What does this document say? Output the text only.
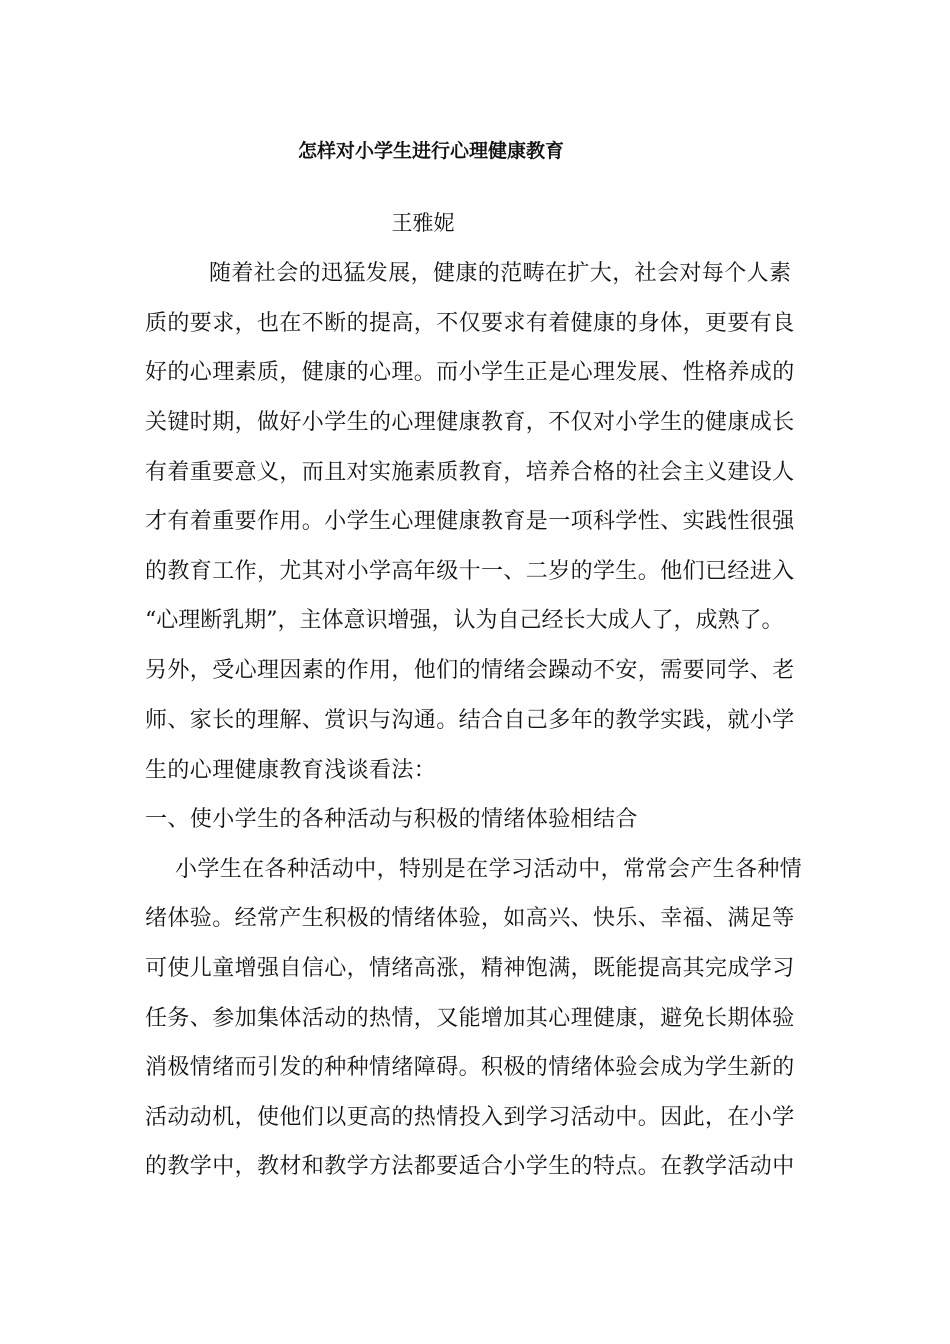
怎样对小学生进行心理健康教育
王雅妮
随着社会的迅猛发展，健康的范畴在扩大，社会对每个人素
质的要求，也在不断的提高，不仅要求有着健康的身体，更要有良
好的心理素质，健康的心理。而小学生正是心理发展、性格养成的
关键时期，做好小学生的心理健康教育，不仅对小学生的健康成长
有着重要意义，而且对实施素质教育，培养合格的社会主义建设人
才有着重要作用。小学生心理健康教育是一项科学性、实践性很强
的教育工作，尤其对小学高年级十一、二岁的学生。他们已经进入
“心理断乳期”，主体意识增强，认为自己经长大成人了，成熟了。
另外，受心理因素的作用，他们的情绪会躁动不安，需要同学、老
师、家长的理解、赏识与沟通。结合自己多年的教学实践，就小学
生的心理健康教育浅谈看法：
一、使小学生的各种活动与积极的情绪体验相结合
小学生在各种活动中，特别是在学习活动中，常常会产生各种情
绪体验。经常产生积极的情绪体验，如高兴、快乐、幸福、满足等
可使儿童增强自信心，情绪高涨，精神饱满，既能提高其完成学习
任务、参加集体活动的热情，又能增加其心理健康，避免长期体验
消极情绪而引发的种种情绪障碍。积极的情绪体验会成为学生新的
活动动机，使他们以更高的热情投入到学习活动中。因此，在小学
的教学中，教材和教学方法都要适合小学生的特点。在教学活动中
